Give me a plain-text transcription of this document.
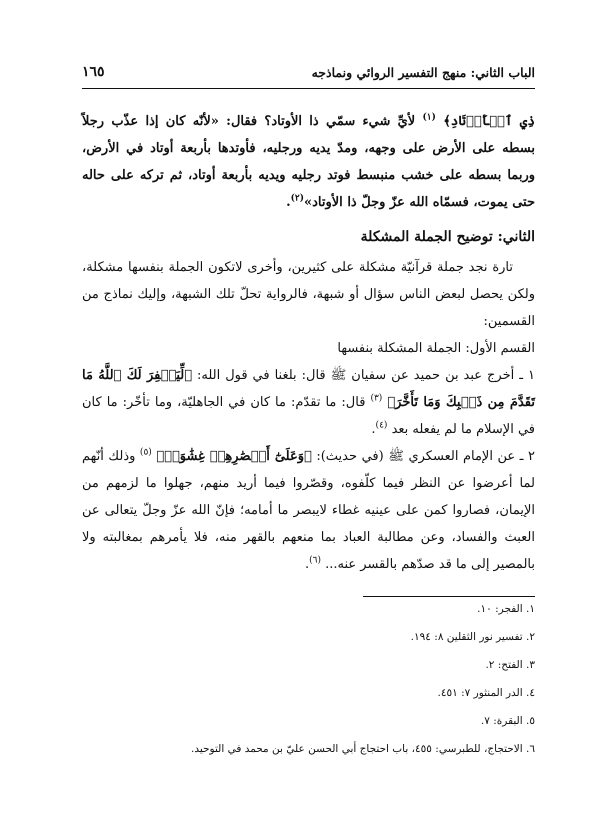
الباب الثاني: منهج التفسير الروائي ونماذجه
١٦٥

ذِي ٱلۡأَوۡتَادِ﴾ $^{(١)}$ لأيِّ شيء سمّي ذا الأوتاد؟ فقال: «لأنّه كان إذا عذّب رجلاً بسطه على الأرض على وجهه، ومدّ يديه ورجليه، فأوتدها بأربعة أوتاد في الأرض، وربما بسطه على خشب منبسط فوتد رجليه ويديه بأربعة أوتاد، ثم تركه على حاله حتى يموت، فسمّاه الله عزّ وجلّ ذا الأوتاد»$^{(٢)}$.

الثاني: توضيح الجملة المشكلة

تارة نجد جملة قرآنيّة مشكلة على كثيرين، وأخرى لاتكون الجملة بنفسها مشكلة، ولكن يحصل لبعض الناس سؤال أو شبهة، فالرواية تحلّ تلك الشبهة، وإليك نماذج من القسمين:

القسم الأول: الجملة المشكلة بنفسها

١ ـ أخرج عبد بن حميد عن سفيان ﷺ قال: بلغنا في قول الله: ﴿لِّيَغۡفِرَ لَكَ ٱللَّهُ مَا تَقَدَّمَ مِن ذَنۢبِكَ وَمَا تَأَخَّرَ﴾ $^{(٣)}$ قال: ما تقدّم: ما كان في الجاهليّة، وما تأخّر: ما كان في الإسلام ما لم يفعله بعد $^{(٤)}$.

٢ ـ عن الإمام العسكري ﷺ (في حديث): ﴿وَعَلَىٰٓ أَبۡصَٰرِهِمۡ غِشَٰوَةٞ﴾ $^{(٥)}$ وذلك أنّهم لما أعرضوا عن النظر فيما كلّفوه، وقصّروا فيما أريد منهم، جهلوا ما لزمهم من الإيمان، فصاروا كمن على عينيه غطاء لايبصر ما أمامه؛ فإنّ الله عزّ وجلّ يتعالى عن العبث والفساد، وعن مطالبة العباد بما منعهم بالقهر منه، فلا يأمرهم بمغالبته ولا بالمصير إلى ما قد صدّهم بالقسر عنه... $^{(٦)}$.

١. الفجر: ١٠.
٢. تفسير نور الثقلين ٨: ١٩٤.
٣. الفتح: ٢.
٤. الدر المنثور ٧: ٤٥١.
٥. البقرة: ٧.
٦. الاحتجاج، للطبرسي: ٤٥٥، باب احتجاج أبي الحسن عليّ بن محمد في التوحيد.
